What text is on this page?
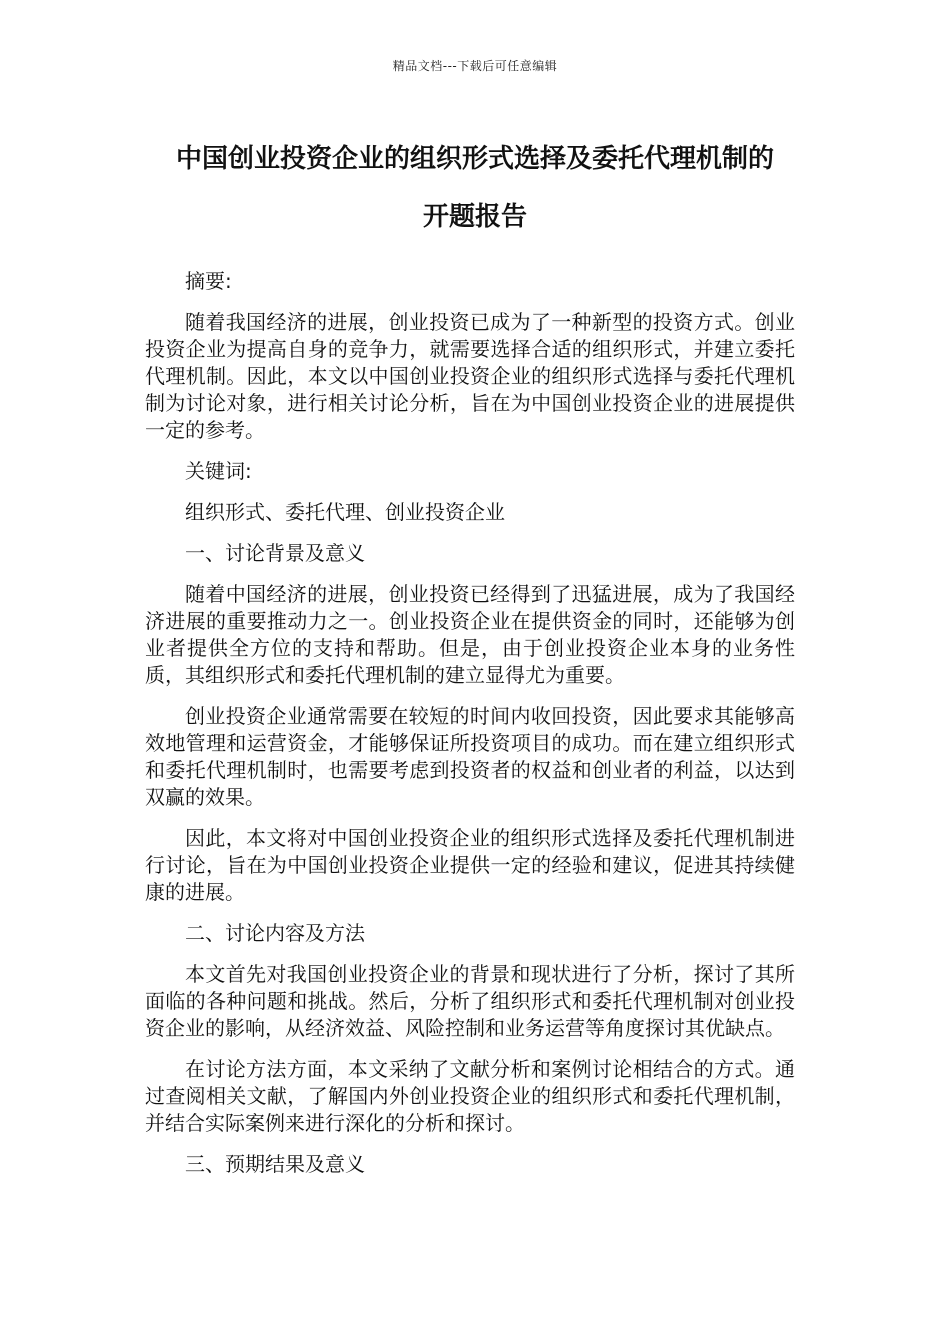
精品文档---下载后可任意编辑
中国创业投资企业的组织形式选择及委托代理机制的
开题报告

摘要:

随着我国经济的进展，创业投资已成为了一种新型的投资方式。创业投资企业为提高自身的竞争力，就需要选择合适的组织形式，并建立委托代理机制。因此，本文以中国创业投资企业的组织形式选择与委托代理机制为讨论对象，进行相关讨论分析，旨在为中国创业投资企业的进展提供一定的参考。

关键词:

组织形式、委托代理、创业投资企业

一、讨论背景及意义

随着中国经济的进展，创业投资已经得到了迅猛进展，成为了我国经济进展的重要推动力之一。创业投资企业在提供资金的同时，还能够为创业者提供全方位的支持和帮助。但是，由于创业投资企业本身的业务性质，其组织形式和委托代理机制的建立显得尤为重要。

创业投资企业通常需要在较短的时间内收回投资，因此要求其能够高效地管理和运营资金，才能够保证所投资项目的成功。而在建立组织形式和委托代理机制时，也需要考虑到投资者的权益和创业者的利益，以达到双赢的效果。

因此，本文将对中国创业投资企业的组织形式选择及委托代理机制进行讨论，旨在为中国创业投资企业提供一定的经验和建议，促进其持续健康的进展。

二、讨论内容及方法

本文首先对我国创业投资企业的背景和现状进行了分析，探讨了其所面临的各种问题和挑战。然后，分析了组织形式和委托代理机制对创业投资企业的影响，从经济效益、风险控制和业务运营等角度探讨其优缺点。

在讨论方法方面，本文采纳了文献分析和案例讨论相结合的方式。通过查阅相关文献，了解国内外创业投资企业的组织形式和委托代理机制，并结合实际案例来进行深化的分析和探讨。

三、预期结果及意义
